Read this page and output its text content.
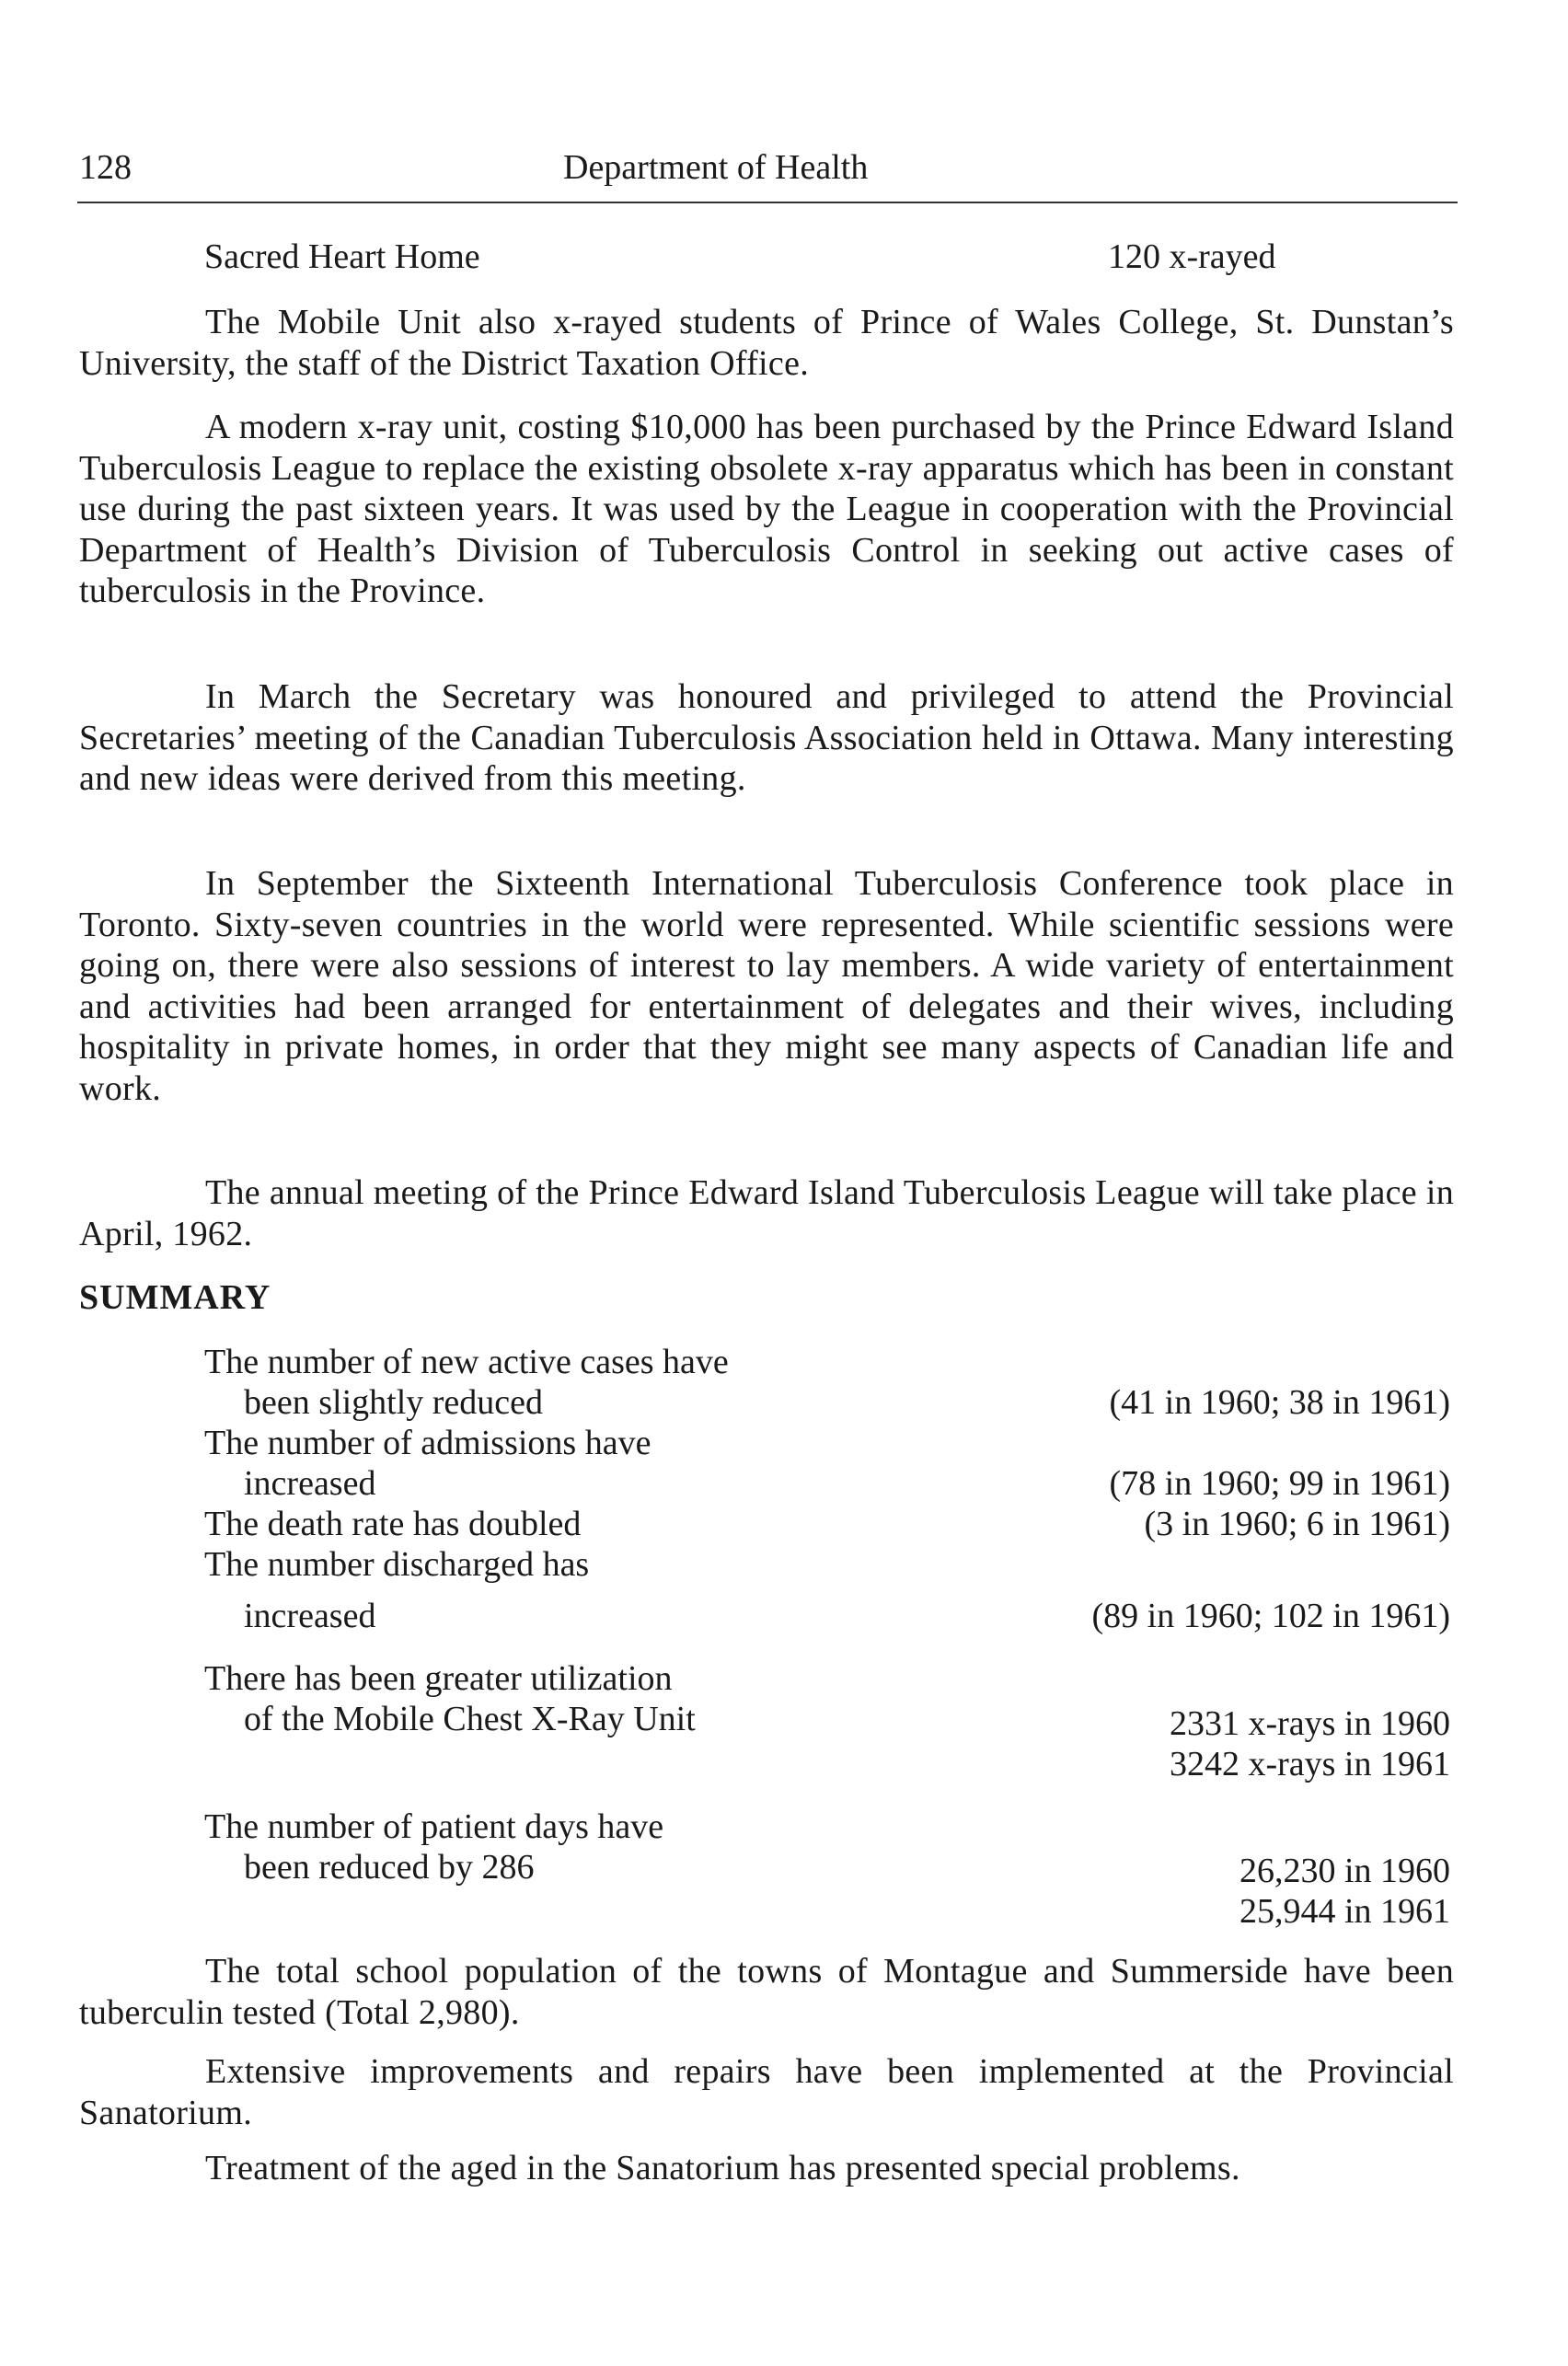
128	Department of Health
Sacred Heart Home	120 x-rayed

The Mobile Unit also x-rayed students of Prince of Wales College, St. Dunstan’s University, the staff of the District Taxation Office.

A modern x-ray unit, costing $10,000 has been purchased by the Prince Edward Island Tuberculosis League to replace the existing obsolete x-ray apparatus which has been in constant use during the past sixteen years. It was used by the League in cooperation with the Provincial Department of Health’s Division of Tuberculosis Control in seeking out active cases of tuberculosis in the Province.

In March the Secretary was honoured and privileged to attend the Provincial Secretaries’ meeting of the Canadian Tuberculosis Association held in Ottawa. Many interesting and new ideas were derived from this meeting.

In September the Sixteenth International Tuberculosis Conference took place in Toronto. Sixty-seven countries in the world were represented. While scientific sessions were going on, there were also sessions of interest to lay members. A wide variety of entertainment and activities had been arranged for entertainment of delegates and their wives, including hospitality in private homes, in order that they might see many aspects of Canadian life and work.

The annual meeting of the Prince Edward Island Tuberculosis League will take place in April, 1962.

SUMMARY
The number of new active cases have
been slightly reduced	(41 in 1960; 38 in 1961)
The number of admissions have
increased	(78 in 1960; 99 in 1961)
The death rate has doubled	(3 in 1960; 6 in 1961)
The number discharged has
increased	(89 in 1960; 102 in 1961)
There has been greater utilization
of the Mobile Chest X-Ray Unit	2331 x-rays in 1960
3242 x-rays in 1961
The number of patient days have
been reduced by 286	26,230 in 1960
25,944 in 1961

The total school population of the towns of Montague and Summerside have been tuberculin tested (Total 2,980).

Extensive improvements and repairs have been implemented at the Provincial Sanatorium.

Treatment of the aged in the Sanatorium has presented special problems.
